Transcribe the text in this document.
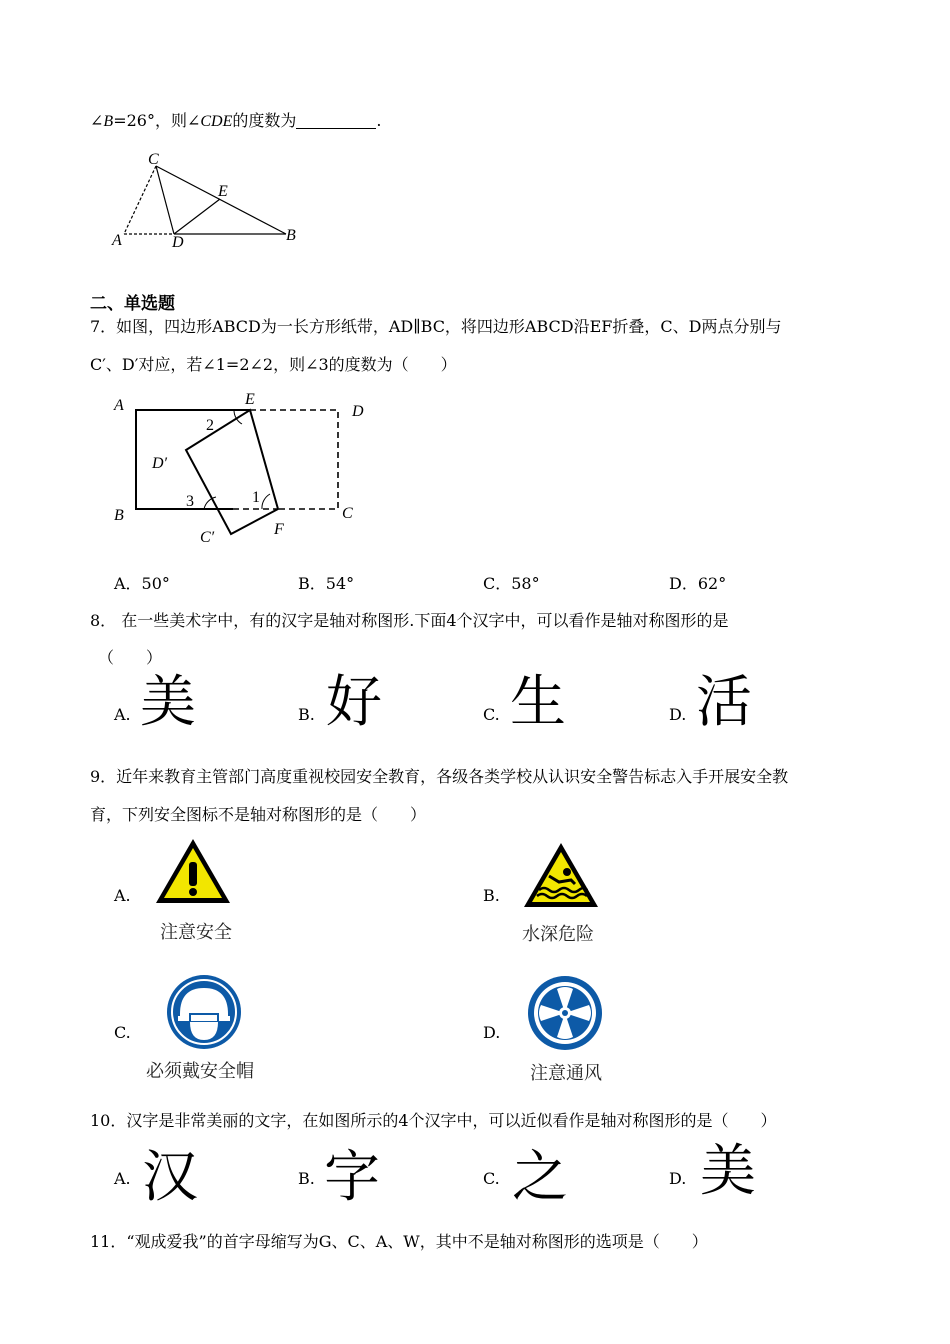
∠B=26°，则∠CDE的度数为	.
C
E
A	D	B
二、单选题
7．如图，四边形ABCD为一长方形纸带，AD∥BC，将四边形ABCD沿EF折叠，C、D两点分别与
C′、D′对应，若∠1=2∠2，则∠3的度数为（　　）
A	E
D
D′
B
C′	F
C
1
2
3
A．50°	B．54°	C．58°	D．62°
8． 在一些美术字中，有的汉字是轴对称图形.下面4个汉字中，可以看作是轴对称图形的是
（　　）
A. 美	B. 好	C. 生	D. 活
9．近年来教育主管部门高度重视校园安全教育，各级各类学校从认识安全警告标志入手开展安全教
育，下列安全图标不是轴对称图形的是（　　）
A.
注意安全
B.
水深危险
C.
必须戴安全帽
D.
注意通风
10．汉字是非常美丽的文字，在如图所示的4个汉字中，可以近似看作是轴对称图形的是（　　）
A. 汉	B. 字	C. 之	D. 美
11．“观成爱我”的首字母缩写为G、C、A、W，其中不是轴对称图形的选项是（　　）
